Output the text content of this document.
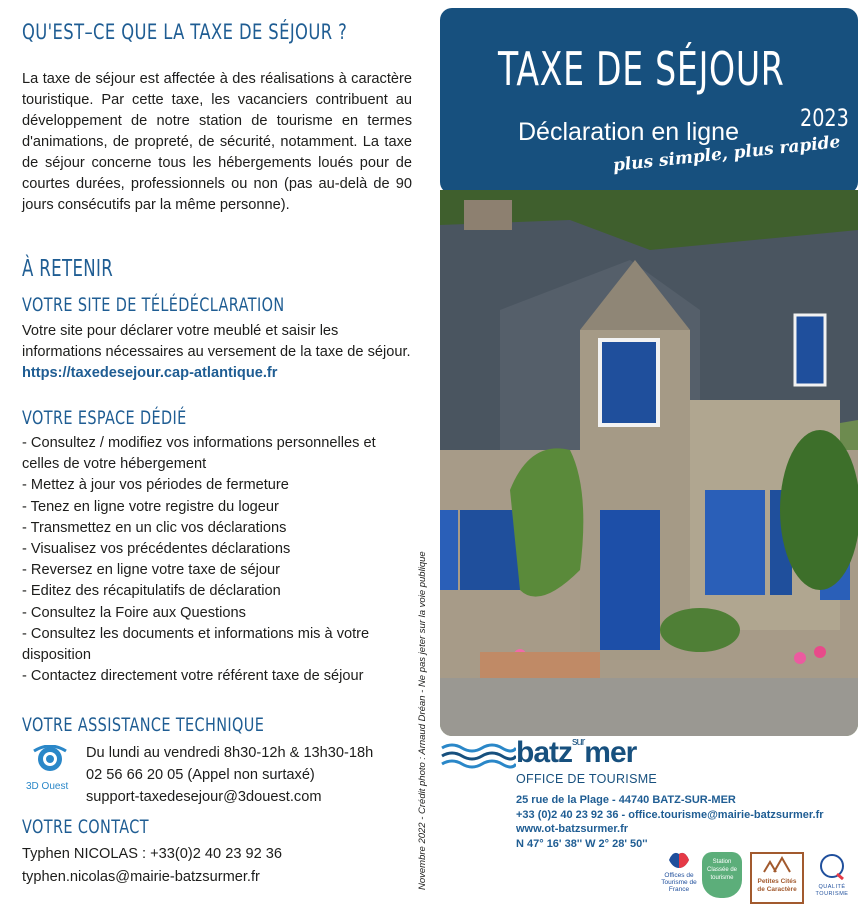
QU'EST–CE QUE LA TAXE DE SÉJOUR ?

La taxe de séjour est affectée à des réalisations à caractère touristique. Par cette taxe, les vacanciers contribuent au développement de notre station de tourisme en termes d'animations, de propreté, de sécurité, notamment. La taxe de séjour concerne tous les hébergements loués pour de courtes durées, professionnels ou non (pas au-delà de 90 jours consécutifs par la même personne).

À RETENIR
VOTRE SITE DE TÉLÉDÉCLARATION

Votre site pour déclarer votre meublé et saisir les informations nécessaires au versement de la taxe de séjour. https://taxedesejour.cap-atlantique.fr

VOTRE ESPACE DÉDIÉ
- Consultez / modifiez vos informations personnelles et celles de votre hébergement
- Mettez à jour vos périodes de fermeture
- Tenez en ligne votre registre du logeur
- Transmettez en un clic vos déclarations
- Visualisez vos précédentes déclarations
- Reversez en ligne votre taxe de séjour
- Editez des récapitulatifs de déclaration
- Consultez la Foire aux Questions
- Consultez les documents et informations mis à votre disposition
- Contactez directement votre référent taxe de séjour
VOTRE ASSISTANCE TECHNIQUE
3D Ouest
Du lundi au vendredi 8h30-12h & 13h30-18h
02 56 66 20 05 (Appel non surtaxé)
support-taxedesejour@3douest.com
VOTRE CONTACT
Typhen NICOLAS : +33(0)2 40 23 92 36
typhen.nicolas@mairie-batzsurmer.fr	Novembre 2022 - Crédit photo : Arnaud Dréan - Ne pas jeter sur la voie publique
TAXE DE SÉJOUR
2023
Déclaration en ligne
plus simple, plus rapide
batz$^{sur}$mer
OFFICE DE TOURISME
25 rue de la Plage - 44740 BATZ-SUR-MER
+33 (0)2 40 23 92 36 - office.tourisme@mairie-batzsurmer.fr
www.ot-batzsurmer.fr
N 47° 16' 38'' W 2° 28' 50''
Offices de Tourisme de France
Station Classée de tourisme	Petites Cités
de Caractère	QUALITÉ TOURISME
